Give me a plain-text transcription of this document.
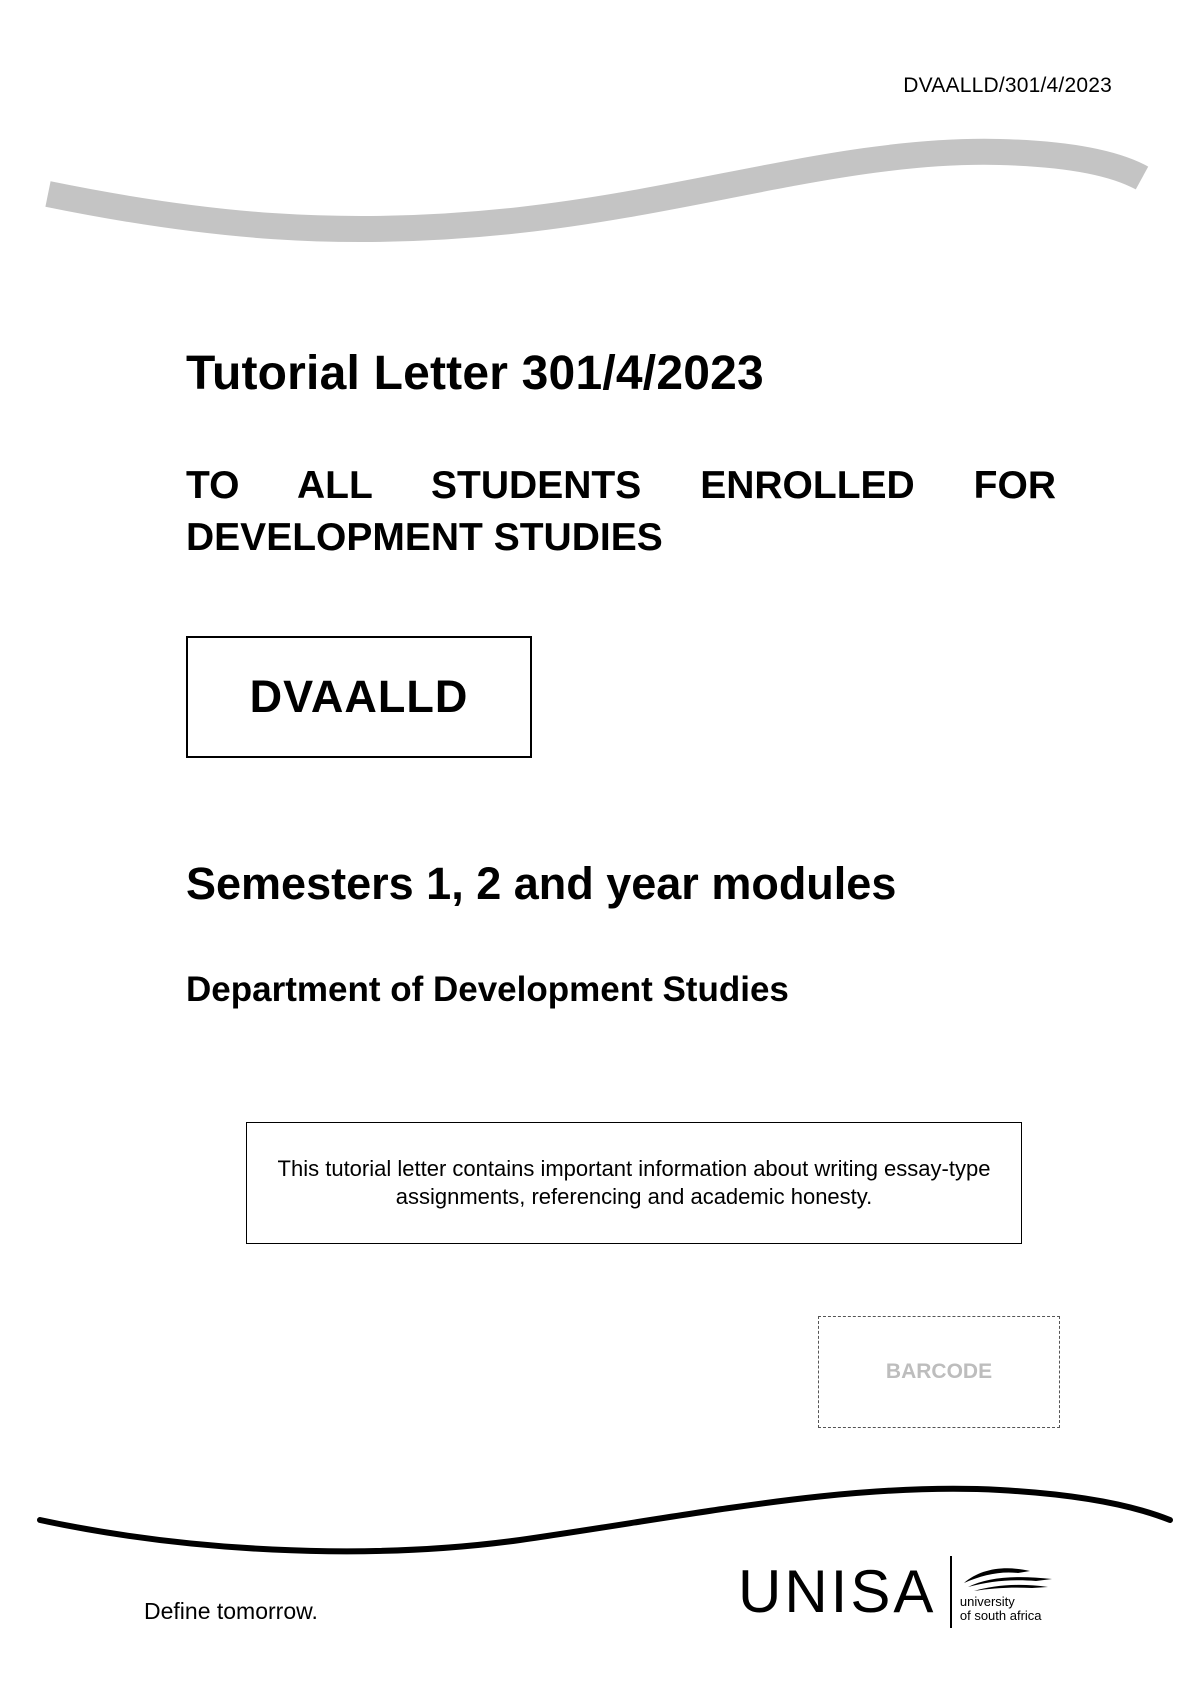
DVAALLD/301/4/2023
Tutorial Letter 301/4/2023
TO ALL STUDENTS ENROLLED FOR DEVELOPMENT STUDIES
DVAALLD
Semesters 1, 2 and year modules
Department of Development Studies
This tutorial letter contains important information about writing essay-type assignments, referencing and academic honesty.
BARCODE
Define tomorrow.	UNISA university
of south africa
